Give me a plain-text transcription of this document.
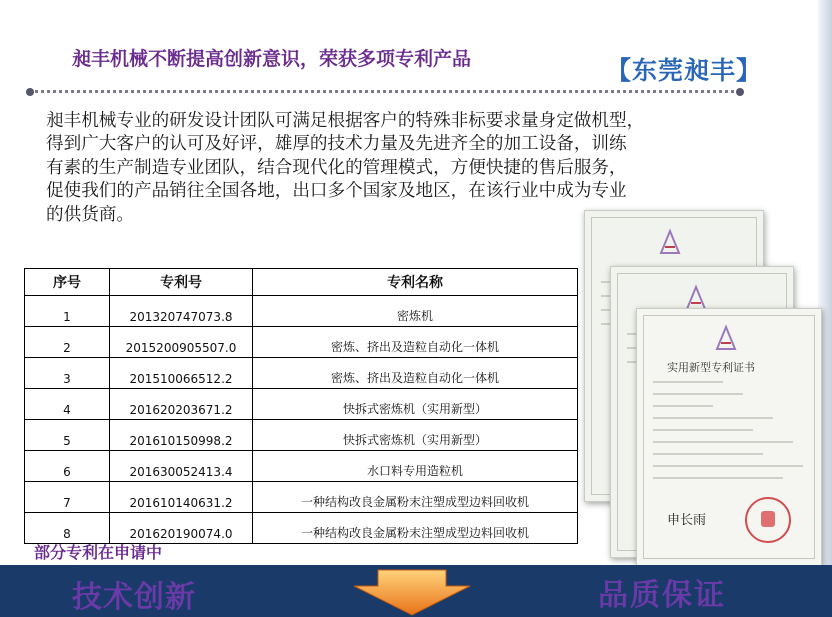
昶丰机械不断提高创新意识，荣获多项专利产品	【东莞昶丰】

昶丰机械专业的研发设计团队可满足根据客户的特殊非标要求量身定做机型，
得到广大客户的认可及好评，雄厚的技术力量及先进齐全的加工设备，训练
有素的生产制造专业团队，结合现代化的管理模式，方便快捷的售后服务，
促使我们的产品销往全国各地，出口多个国家及地区，在该行业中成为专业
的供货商。

序号	专利号	专利名称
1	201320747073.8	密炼机
2	2015200905507.0	密炼、挤出及造粒自动化一体机
3	201510066512.2	密炼、挤出及造粒自动化一体机
4	201620203671.2	快拆式密炼机（实用新型）
5	201610150998.2	快拆式密炼机（实用新型）
6	201630052413.4	水口料专用造粒机
7	201610140631.2	一种结构改良金属粉末注塑成型边料回收机
8	201620190074.0	一种结构改良金属粉末注塑成型边料回收机
部分专利在申请中
实用新型专利证书
申长雨
技术创新	品质保证
